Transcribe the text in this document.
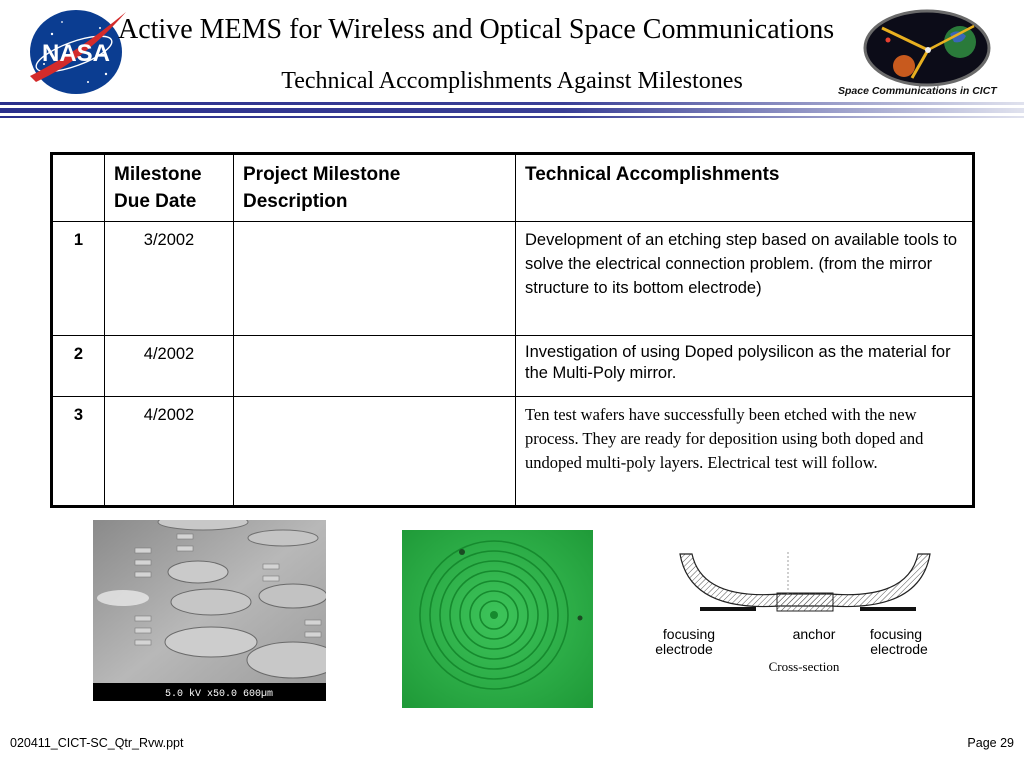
NASA
Space Communications in CICT
Active MEMS for Wireless and Optical Space Communications
Technical Accomplishments Against Milestones
	Milestone Due Date	Project Milestone Description	Technical Accomplishments
1	3/2002		Development of an etching step based on available tools to solve the electrical connection problem. (from the mirror structure to its bottom electrode)
2	4/2002		Investigation of using Doped polysilicon as the material for the Multi-Poly mirror.
3	4/2002		Ten test wafers have successfully been etched with the new process. They are ready for deposition using both doped and undoped multi-poly layers. Electrical test will follow.
5.0 kV x50.0 600µm
focusing
electrode
anchor focusing
electrode
Cross-section
020411_CICT-SC_Qtr_Rvw.ppt	Page 29
